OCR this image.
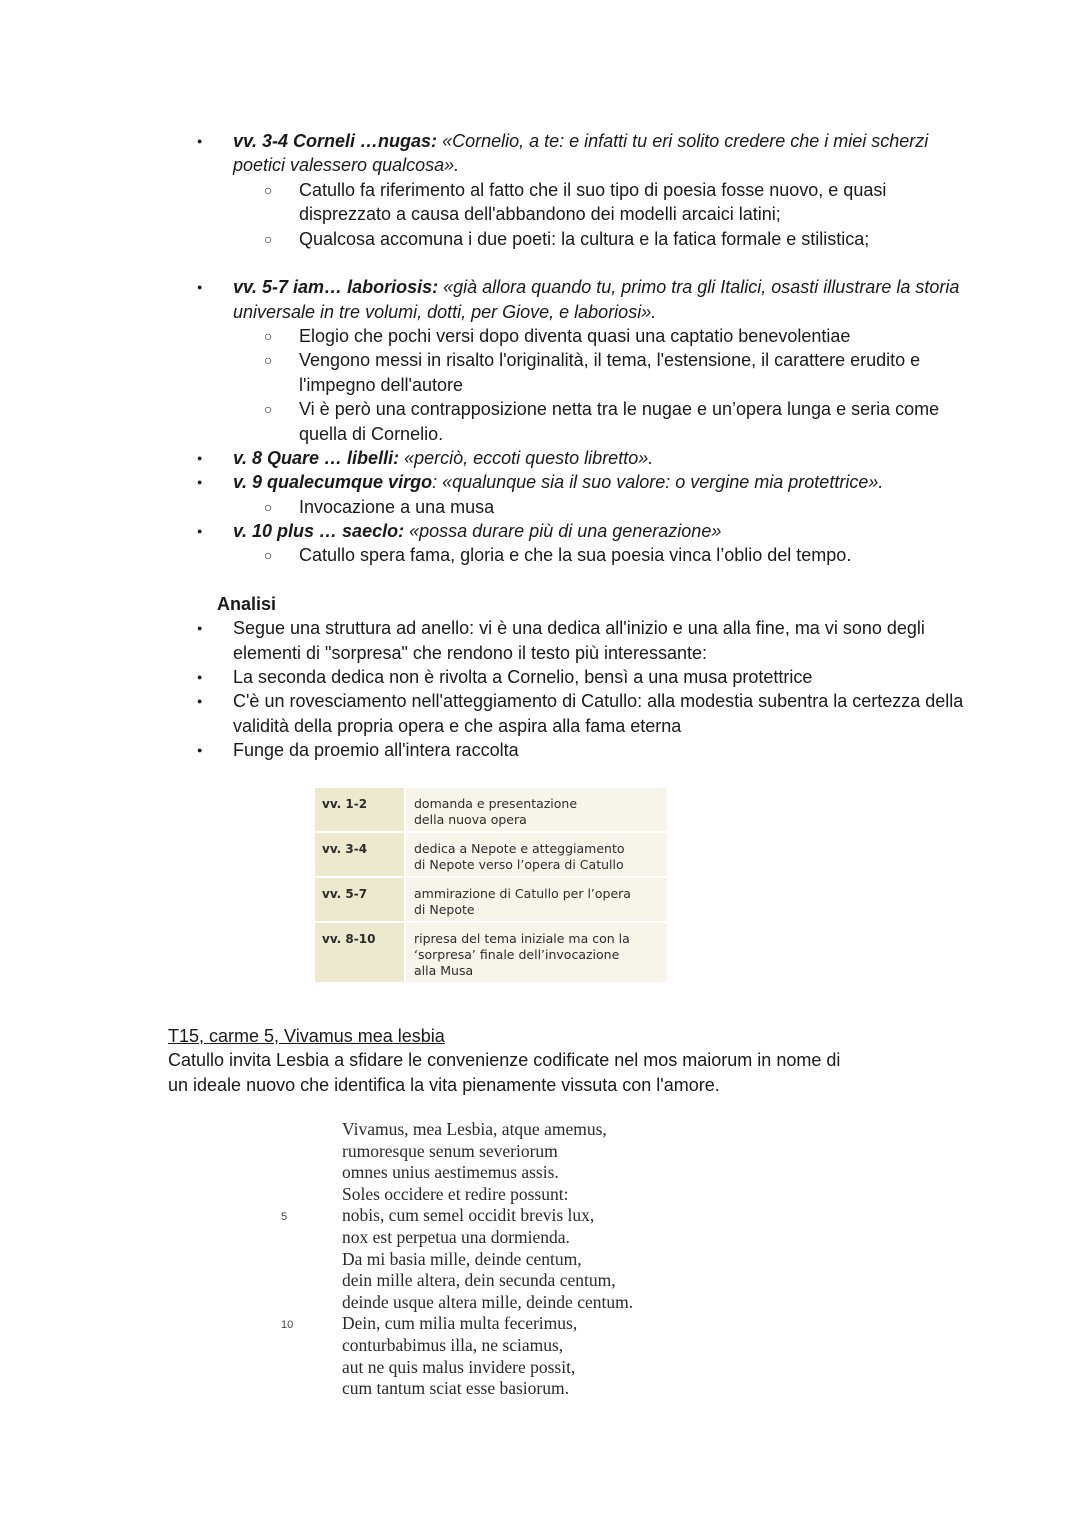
●
vv. 3-4 Corneli …nugas: «Cornelio, a te: e infatti tu eri solito credere che i miei scherzi
poetici valessero qualcosa».
○
Catullo fa riferimento al fatto che il suo tipo di poesia fosse nuovo, e quasi
disprezzato a causa dell'abbandono dei modelli arcaici latini;
○
Qualcosa accomuna i due poeti: la cultura e la fatica formale e stilistica;
●
vv. 5-7 iam… laboriosis: «già allora quando tu, primo tra gli Italici, osasti illustrare la storia
universale in tre volumi, dotti, per Giove, e laboriosi».
○
Elogio che pochi versi dopo diventa quasi una captatio benevolentiae
○
Vengono messi in risalto l'originalità, il tema, l'estensione, il carattere erudito e
l'impegno dell'autore
○
Vi è però una contrapposizione netta tra le nugae e un’opera lunga e seria come
quella di Cornelio.
●
v. 8 Quare … libelli: «perciò, eccoti questo libretto».
●
v. 9 qualecumque virgo: «qualunque sia il suo valore: o vergine mia protettrice».
○
Invocazione a una musa
●
v. 10 plus … saeclo: «possa durare più di una generazione»
○
Catullo spera fama, gloria e che la sua poesia vinca l’oblio del tempo.
Analisi
●
Segue una struttura ad anello: vi è una dedica all'inizio e una alla fine, ma vi sono degli
elementi di "sorpresa" che rendono il testo più interessante:
●
La seconda dedica non è rivolta a Cornelio, bensì a una musa protettrice
●
C'è un rovesciamento nell'atteggiamento di Catullo: alla modestia subentra la certezza della
validità della propria opera e che aspira alla fama eterna
●
Funge da proemio all'intera raccolta
vv. 1-2	domanda e presentazione
della nuova opera

vv. 3-4	dedica a Nepote e atteggiamento
di Nepote verso l’opera di Catullo

vv. 5-7	ammirazione di Catullo per l’opera
di Nepote

vv. 8-10	ripresa del tema iniziale ma con la
‘sorpresa’ finale dell’invocazione
alla Musa
T15, carme 5, Vivamus mea lesbia
Catullo invita Lesbia a sfidare le convenienze codificate nel mos maiorum in nome di
un ideale nuovo che identifica la vita pienamente vissuta con l'amore.
5
10
Vivamus, mea Lesbia, atque amemus,
rumoresque senum severiorum
omnes unius aestimemus assis.
Soles occidere et redire possunt:
nobis, cum semel occidit brevis lux,
nox est perpetua una dormienda.
Da mi basia mille, deinde centum,
dein mille altera, dein secunda centum,
deinde usque altera mille, deinde centum.
Dein, cum milia multa fecerimus,
conturbabimus illa, ne sciamus,
aut ne quis malus invidere possit,
cum tantum sciat esse basiorum.
